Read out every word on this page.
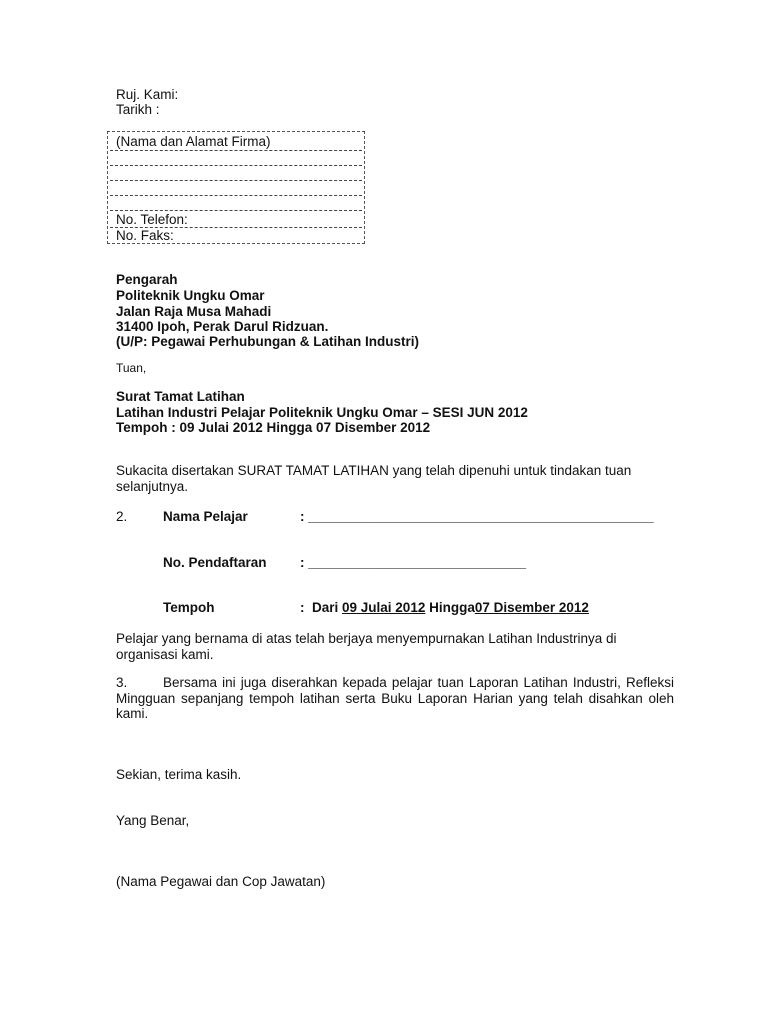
Ruj. Kami:
Tarikh :
(Nama dan Alamat Firma)
No. Telefon:
No. Faks:
Pengarah
Politeknik Ungku Omar
Jalan Raja Musa Mahadi
31400 Ipoh, Perak Darul Ridzuan.
(U/P: Pegawai Perhubungan & Latihan Industri)
Tuan,
Surat Tamat Latihan
Latihan Industri Pelajar Politeknik Ungku Omar – SESI JUN 2012
Tempoh : 09 Julai 2012 Hingga 07 Disember 2012
Sukacita disertakan SURAT TAMAT LATIHAN yang telah dipenuhi untuk tindakan tuan selanjutnya.
2.	Nama Pelajar	: ______________________________________________
No. Pendaftaran : _____________________________
Tempoh	:  Dari 09 Julai 2012 Hingga07 Disember 2012
Pelajar yang bernama di atas telah berjaya menyempurnakan Latihan Industrinya di organisasi kami.
3.	Bersama ini juga diserahkan kepada pelajar tuan Laporan Latihan Industri, Refleksi Mingguan sepanjang tempoh latihan serta Buku Laporan Harian yang telah disahkan oleh kami.
Sekian, terima kasih.
Yang Benar,
(Nama Pegawai dan Cop Jawatan)
